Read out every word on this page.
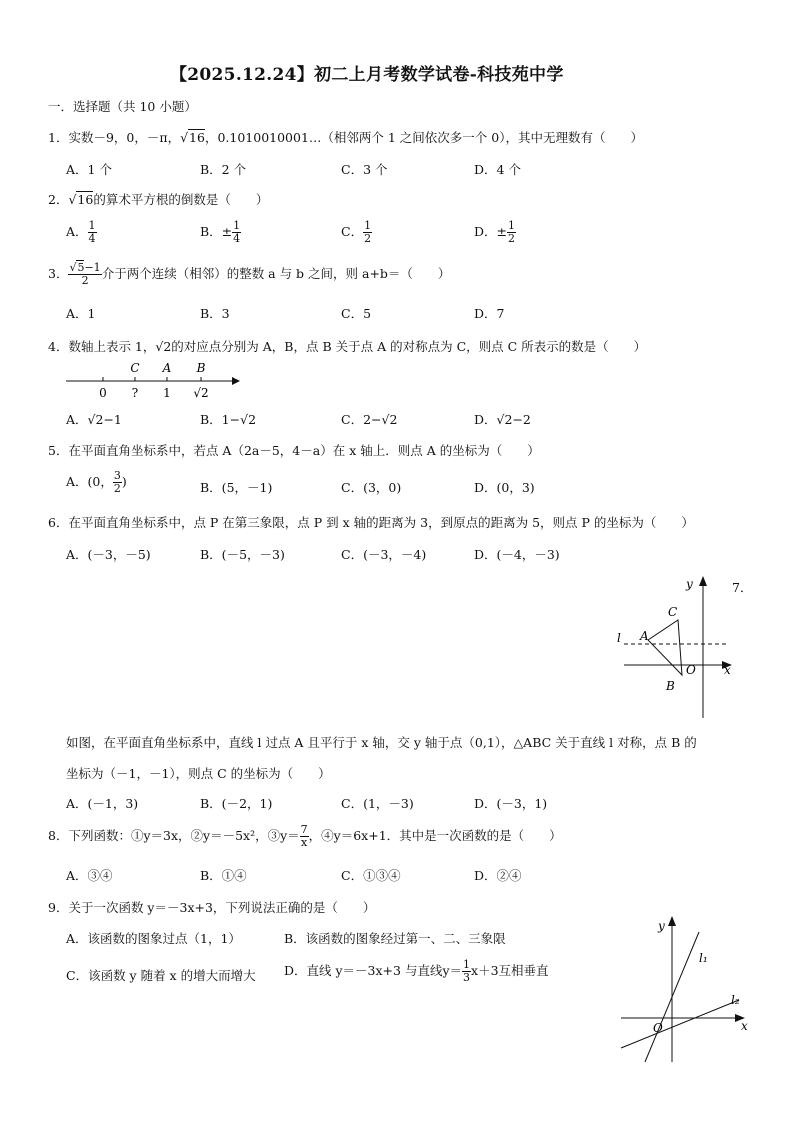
【2025.12.24】初二上月考数学试卷-科技苑中学
一．选择题（共 10 小题）
1．实数－9，0，－π，√16，0.1010010001…（相邻两个 1 之间依次多一个 0），其中无理数有（　　）
A．1 个	B．2 个	C．3 个	D．4 个
2．√16的算术平方根的倒数是（　　）
A． $\frac{1}{4}$	B．± $\frac{1}{4}$	C． $\frac{1}{2}$	D．± $\frac{1}{2}$
3． $\frac{√5-1}{2}$ 介于两个连续（相邻）的整数 a 与 b 之间，则 a+b＝（　　）
A．1	B．3	C．5	D．7
4．数轴上表示 1，√2的对应点分别为 A，B，点 B 关于点 A 的对称点为 C，则点 C 所表示的数是（　　）
C A B
0 ? 1 √2
A．√2−1	B．1−√2	C．2−√2	D．√2−2
5．在平面直角坐标系中，若点 A（2a－5，4－a）在 x 轴上．则点 A 的坐标为（　　）
A．(0， $\frac{3}{2}$ )	B．(5，－1)	C．(3，0)	D．(0，3)
6．在平面直角坐标系中，点 P 在第三象限，点 P 到 x 轴的距离为 3，到原点的距离为 5，则点 P 的坐标为（　　）
A．(－3，－5)	B．(－5，－3)	C．(－3，－4)	D．(－4，－3)
y
C
l A
O x
B
7．
如图，在平面直角坐标系中，直线 l 过点 A 且平行于 x 轴，交 y 轴于点（0,1），△ABC 关于直线 l 对称，点 B 的
坐标为（－1，－1），则点 C 的坐标为（　　）
A．(－1，3)	B．(－2，1)	C．(1，－3)	D．(－3，1)
8．下列函数：①y＝3x，②y＝－5x²，③y＝ $\frac{7}{x}$ ，④y＝6x+1．其中是一次函数的是（　　）
A．③④	B．①④	C．①③④	D．②④
9．关于一次函数 y＝－3x+3，下列说法正确的是（　　）
A．该函数的图象过点（1，1）	B．该函数的图象经过第一、二、三象限
C．该函数 y 随着 x 的增大而增大 D．直线 y＝－3x+3 与直线$y= \frac{1}{3} x+3$互相垂直
y
l₁
l₂
O	x
